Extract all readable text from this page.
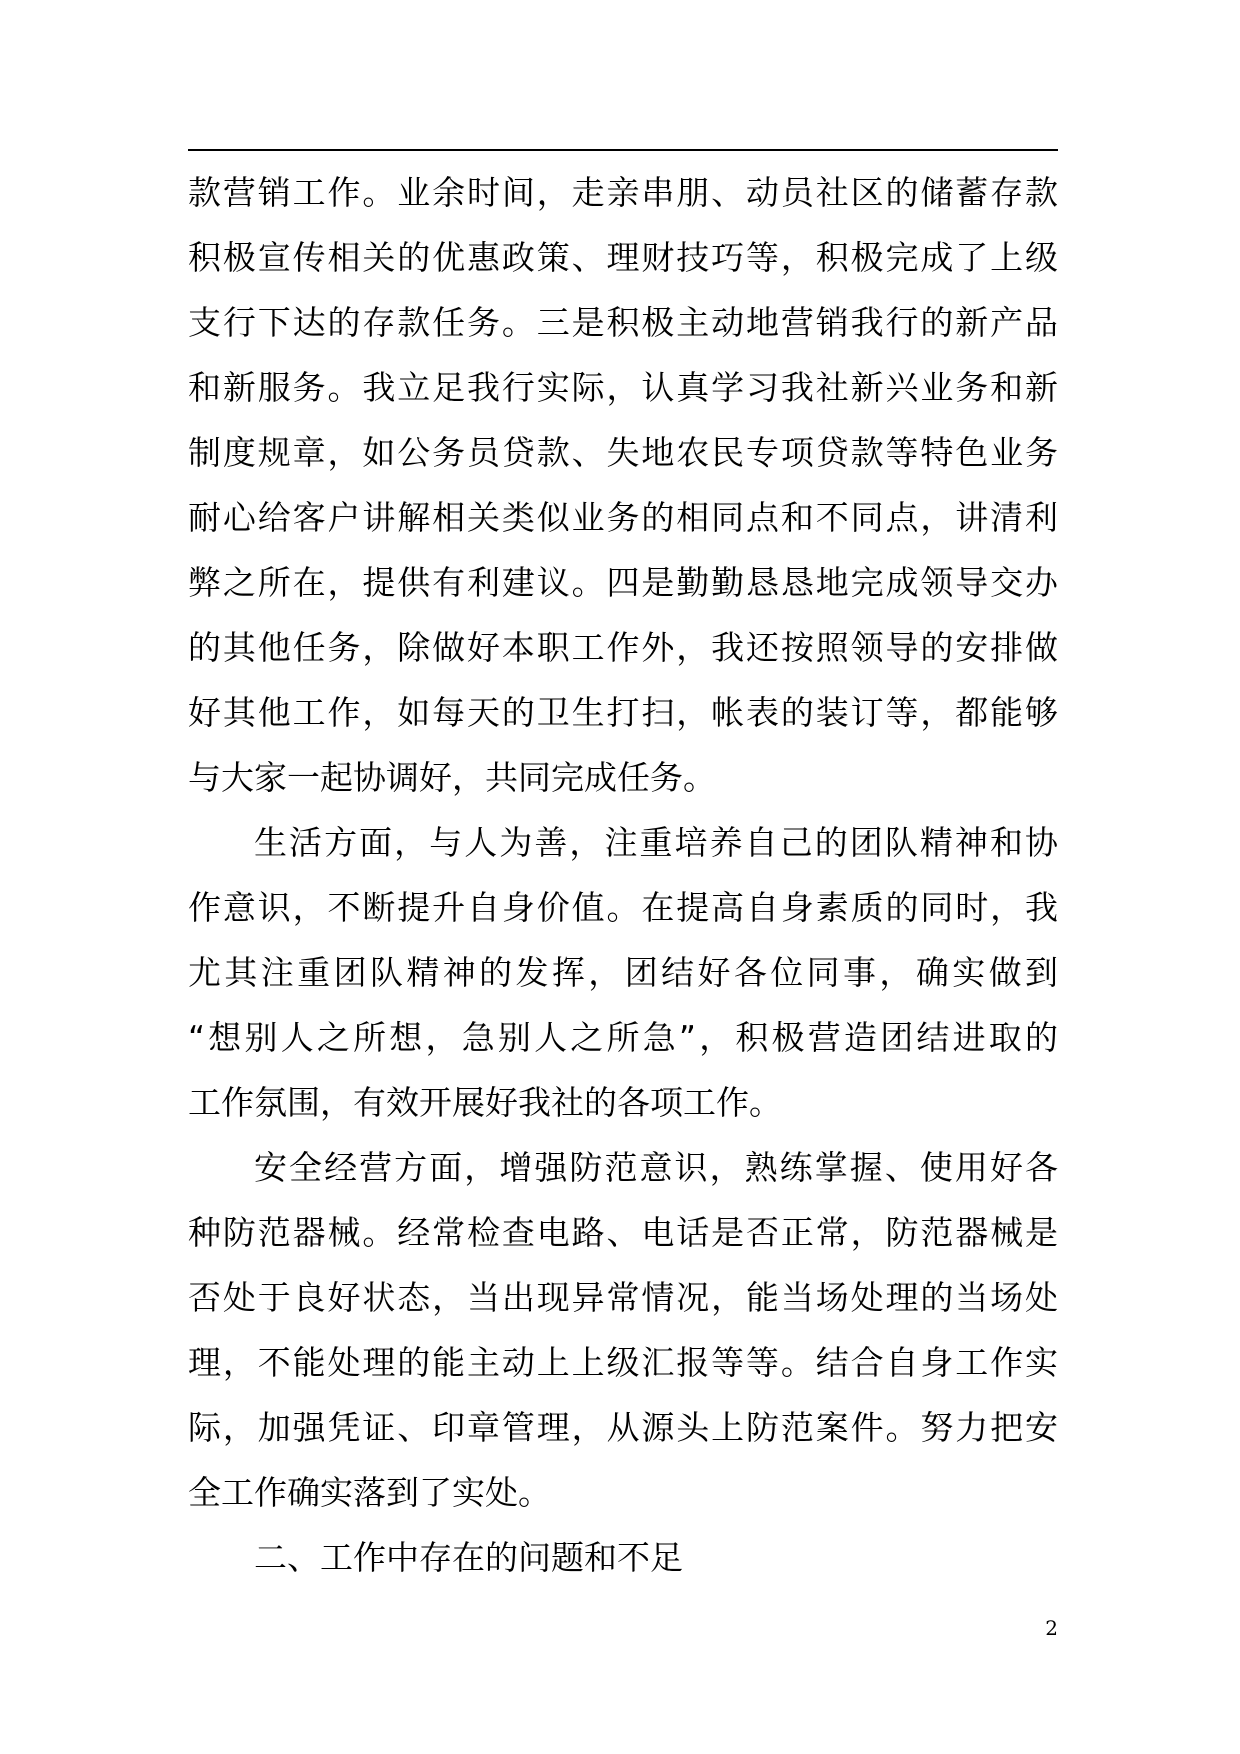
款营销工作。业余时间，走亲串朋、动员社区的储蓄存款
积极宣传相关的优惠政策、理财技巧等，积极完成了上级
支行下达的存款任务。三是积极主动地营销我行的新产品
和新服务。我立足我行实际，认真学习我社新兴业务和新
制度规章，如公务员贷款、失地农民专项贷款等特色业务
耐心给客户讲解相关类似业务的相同点和不同点，讲清利
弊之所在，提供有利建议。四是勤勤恳恳地完成领导交办
的其他任务，除做好本职工作外，我还按照领导的安排做
好其他工作，如每天的卫生打扫，帐表的装订等，都能够
与大家一起协调好，共同完成任务。
生活方面，与人为善，注重培养自己的团队精神和协
作意识，不断提升自身价值。在提高自身素质的同时，我
尤其注重团队精神的发挥，团结好各位同事，确实做到
“想别人之所想，急别人之所急”，积极营造团结进取的
工作氛围，有效开展好我社的各项工作。
安全经营方面，增强防范意识，熟练掌握、使用好各
种防范器械。经常检查电路、电话是否正常，防范器械是
否处于良好状态，当出现异常情况，能当场处理的当场处
理，不能处理的能主动上上级汇报等等。结合自身工作实
际，加强凭证、印章管理，从源头上防范案件。努力把安
全工作确实落到了实处。
二、工作中存在的问题和不足
2
